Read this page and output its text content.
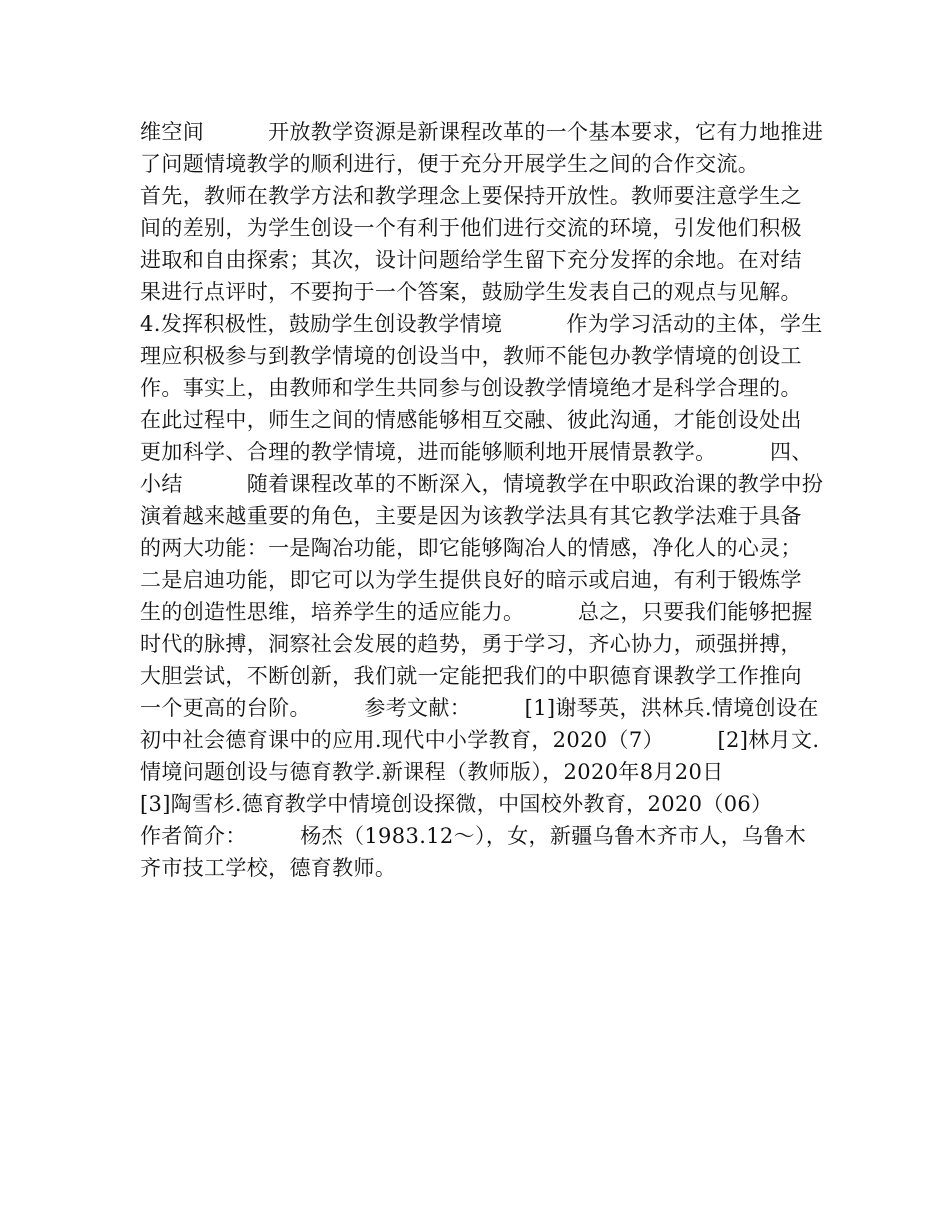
维空间　　　开放教学资源是新课程改革的一个基本要求，它有力地推进
了问题情境教学的顺利进行，便于充分开展学生之间的合作交流。
首先，教师在教学方法和教学理念上要保持开放性。教师要注意学生之
间的差别，为学生创设一个有利于他们进行交流的环境，引发他们积极
进取和自由探索；其次，设计问题给学生留下充分发挥的余地。在对结
果进行点评时，不要拘于一个答案，鼓励学生发表自己的观点与见解。
4.发挥积极性，鼓励学生创设教学情境　　　作为学习活动的主体，学生
理应积极参与到教学情境的创设当中，教师不能包办教学情境的创设工
作。事实上，由教师和学生共同参与创设教学情境绝才是科学合理的。
在此过程中，师生之间的情感能够相互交融、彼此沟通，才能创设处出
更加科学、合理的教学情境，进而能够顺利地开展情景教学。　　　四、
小结　　　随着课程改革的不断深入，情境教学在中职政治课的教学中扮
演着越来越重要的角色，主要是因为该教学法具有其它教学法难于具备
的两大功能：一是陶冶功能，即它能够陶冶人的情感，净化人的心灵；
二是启迪功能，即它可以为学生提供良好的暗示或启迪，有利于锻炼学
生的创造性思维，培养学生的适应能力。　　　总之，只要我们能够把握
时代的脉搏，洞察社会发展的趋势，勇于学习，齐心协力，顽强拼搏，
大胆尝试，不断创新，我们就一定能把我们的中职德育课教学工作推向
一个更高的台阶。　　　参考文献：　　　[1]谢琴英，洪林兵.情境创设在
初中社会德育课中的应用.现代中小学教育，2020（7）　　　[2]林月文.
情境问题创设与德育教学.新课程（教师版），2020年8月20日
[3]陶雪杉.德育教学中情境创设探微，中国校外教育，2020（06）
作者简介：　　　杨杰（1983.12～），女，新疆乌鲁木齐市人，乌鲁木
齐市技工学校，德育教师。
